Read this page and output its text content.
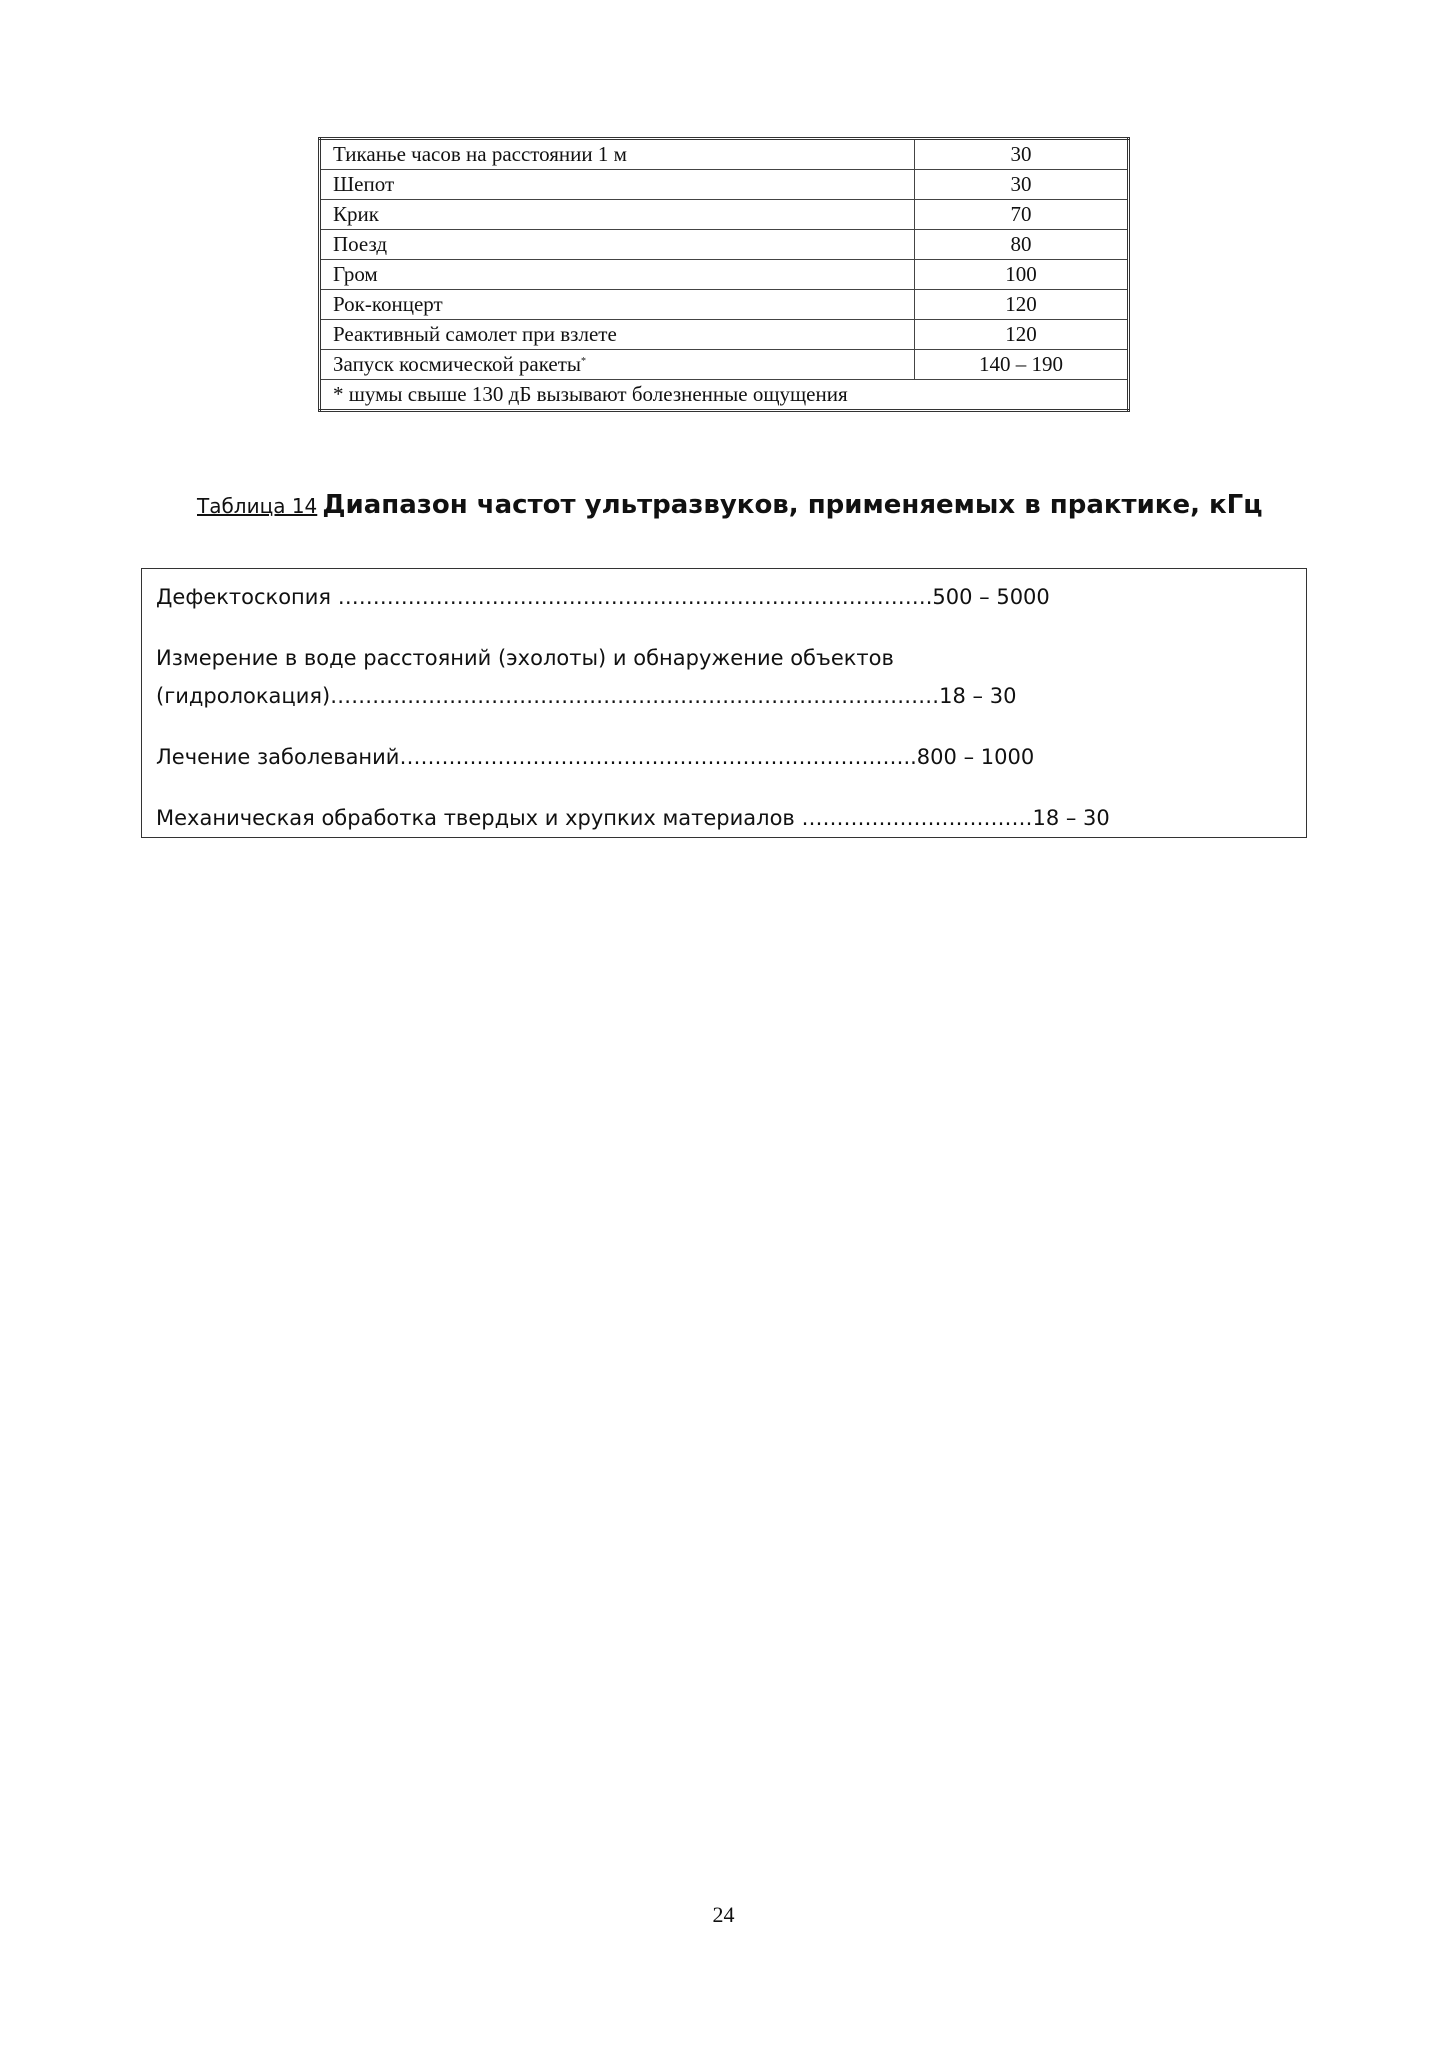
Тиканье часов на расстоянии 1 м	30
Шепот	30
Крик	70
Поезд	80
Гром	100
Рок-концерт	120
Реактивный самолет при взлете	120
Запуск космической ракеты*	140 – 190
* шумы свыше 130 дБ вызывают болезненные ощущения	
Таблица 14 Диапазон частот ультразвуков, применяемых в практике, кГц

Дефектоскопия ………………………………………………………………………….500 – 5000

Измерение в воде расстояний (эхолоты) и обнаружение объектов
(гидролокация)……………………………………………………………………………18 – 30

Лечение заболеваний………………………………………………………………..800 – 1000

Механическая обработка твердых и хрупких материалов ……………………………18 – 30

24
